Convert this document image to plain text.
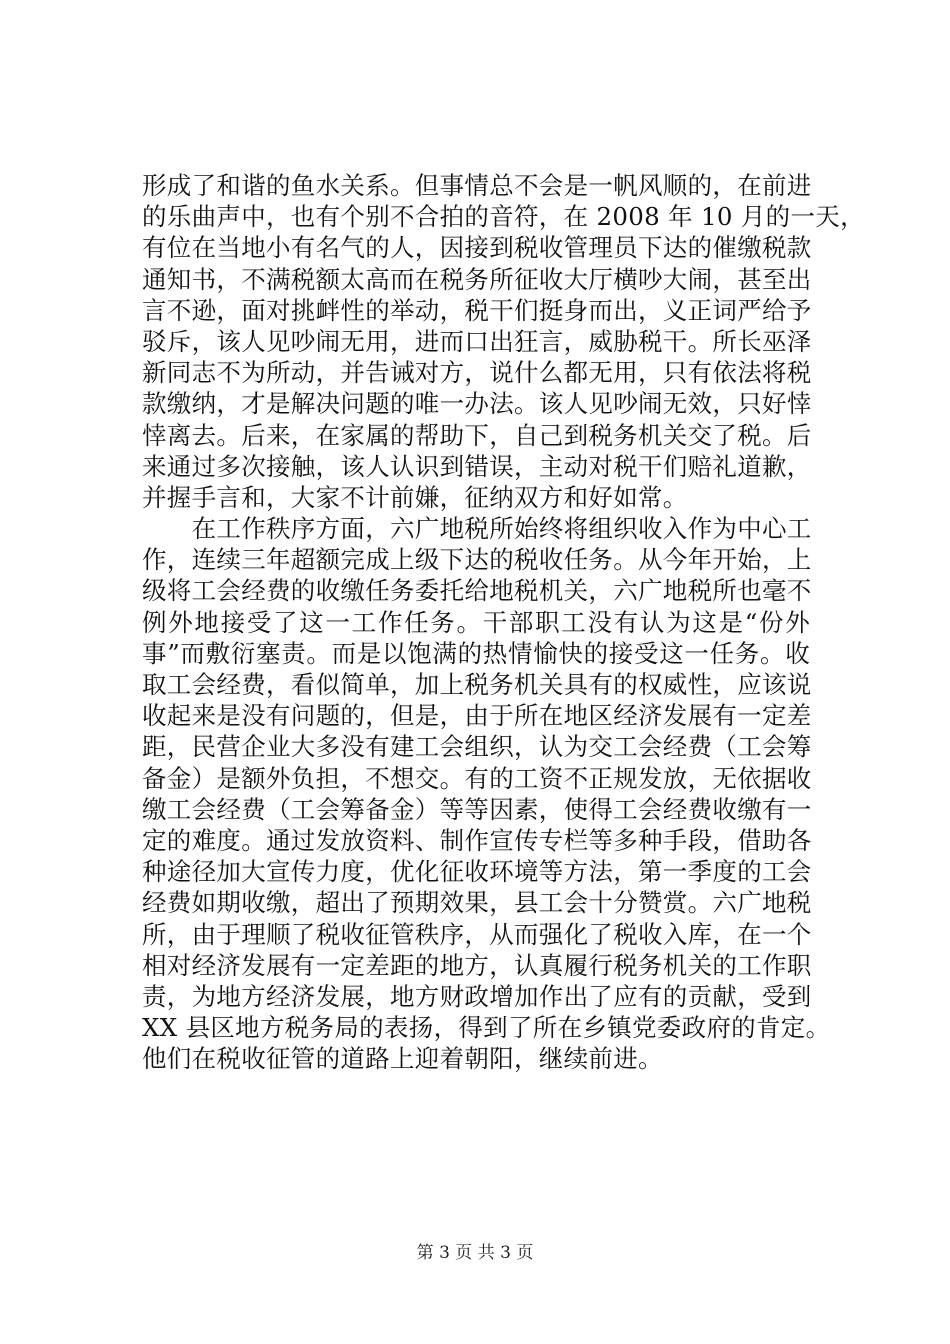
形成了和谐的鱼水关系。但事情总不会是一帆风顺的，在前进
的乐曲声中，也有个别不合拍的音符，在 2008 年 10 月的一天，
有位在当地小有名气的人，因接到税收管理员下达的催缴税款
通知书，不满税额太高而在税务所征收大厅横吵大闹，甚至出
言不逊，面对挑衅性的举动，税干们挺身而出，义正词严给予
驳斥，该人见吵闹无用，进而口出狂言，威胁税干。所长巫泽
新同志不为所动，并告诫对方，说什么都无用，只有依法将税
款缴纳，才是解决问题的唯一办法。该人见吵闹无效，只好悻
悻离去。后来，在家属的帮助下，自己到税务机关交了税。后
来通过多次接触，该人认识到错误，主动对税干们赔礼道歉，
并握手言和，大家不计前嫌，征纳双方和好如常。
　　在工作秩序方面，六广地税所始终将组织收入作为中心工
作，连续三年超额完成上级下达的税收任务。从今年开始，上
级将工会经费的收缴任务委托给地税机关，六广地税所也毫不
例外地接受了这一工作任务。干部职工没有认为这是“份外
事”而敷衍塞责。而是以饱满的热情愉快的接受这一任务。收
取工会经费，看似简单，加上税务机关具有的权威性，应该说
收起来是没有问题的，但是，由于所在地区经济发展有一定差
距，民营企业大多没有建工会组织，认为交工会经费（工会筹
备金）是额外负担，不想交。有的工资不正规发放，无依据收
缴工会经费（工会筹备金）等等因素，使得工会经费收缴有一
定的难度。通过发放资料、制作宣传专栏等多种手段，借助各
种途径加大宣传力度，优化征收环境等方法，第一季度的工会
经费如期收缴，超出了预期效果，县工会十分赞赏。六广地税
所，由于理顺了税收征管秩序，从而强化了税收入库，在一个
相对经济发展有一定差距的地方，认真履行税务机关的工作职
责，为地方经济发展，地方财政增加作出了应有的贡献，受到
XX 县区地方税务局的表扬，得到了所在乡镇党委政府的肯定。
他们在税收征管的道路上迎着朝阳，继续前进。
第 3 页 共 3 页
